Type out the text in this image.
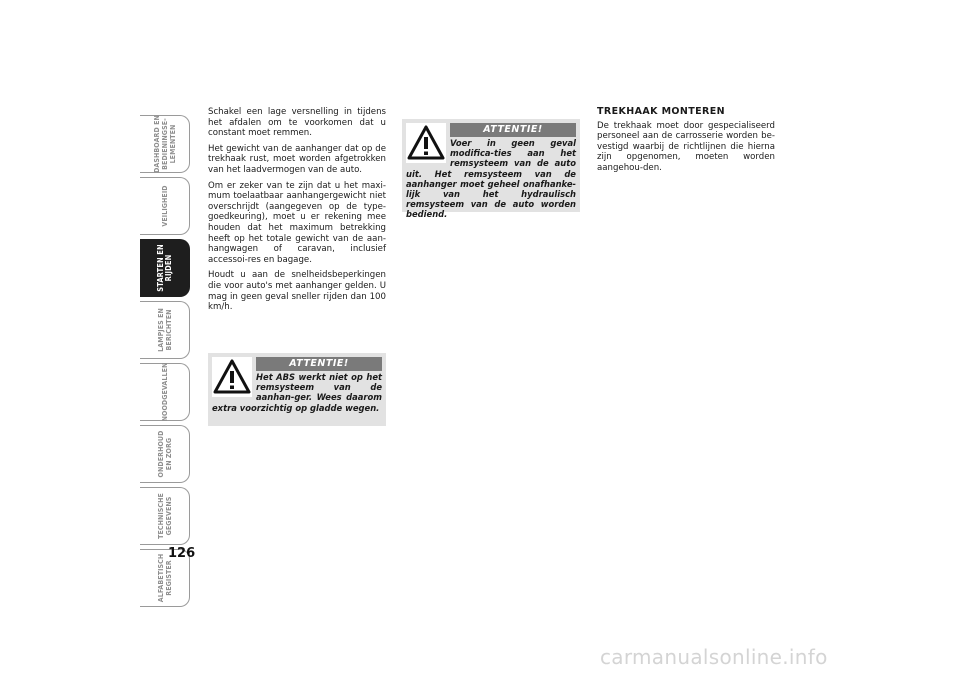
DASHBOARD EN
BEDIENINGSE-
LEMENTEN
VEILIGHEID
STARTEN EN
RIJDEN
LAMPJES EN
BERICHTEN
NOODGEVALLEN
ONDERHOUD
EN ZORG
TECHNISCHE
GEGEVENS
ALFABETISCH
REGISTER
126

Schakel een lage versnelling in tijdens het afdalen om te voorkomen dat u constant moet remmen.

Het gewicht van de aanhanger dat op de trekhaak rust, moet worden afgetrokken van het laadvermogen van de auto.

Om er zeker van te zijn dat u het maxi-mum toelaatbaar aanhangergewicht niet overschrijdt (aangegeven op de type-goedkeuring), moet u er rekening mee houden dat het maximum betrekking heeft op het totale gewicht van de aan-hangwagen of caravan, inclusief accessoi-res en bagage.

Houdt u aan de snelheidsbeperkingen die voor auto's met aanhanger gelden. U mag in geen geval sneller rijden dan 100 km/h.

ATTENTIE!
Het ABS werkt niet op het remsysteem van de aanhan-ger. Wees daarom extra voorzichtig op gladde wegen.
ATTENTIE!
Voer in geen geval modifica-ties aan het remsysteem van de auto uit. Het remsysteem van de aanhanger moet geheel onafhanke-lijk van het hydraulisch remsysteem van de auto worden bediend.

TREKHAAK MONTEREN

De trekhaak moet door gespecialiseerd personeel aan de carrosserie worden be-vestigd waarbij de richtlijnen die hierna zijn opgenomen, moeten worden aangehou-den.

carmanualsonline.info
